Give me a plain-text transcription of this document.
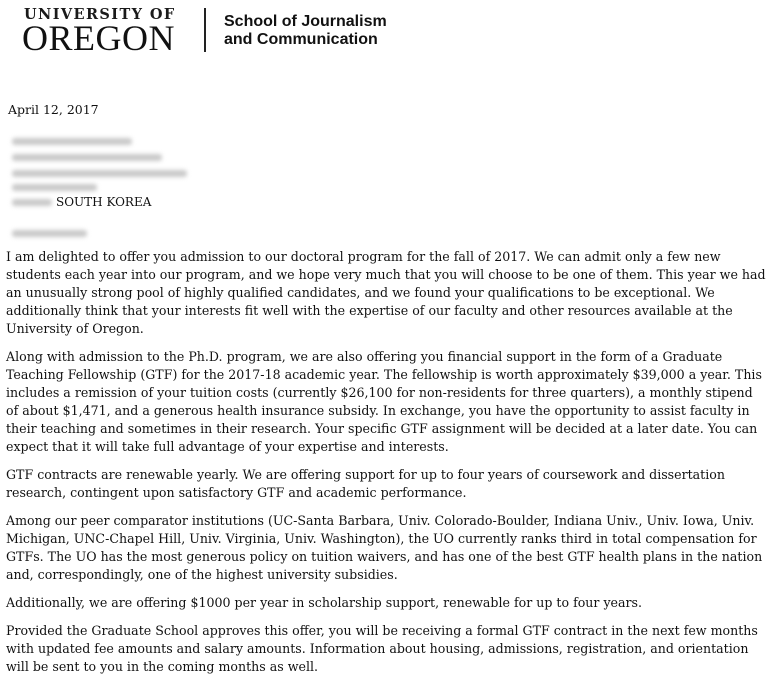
UNIVERSITY OF
OREGON	School of Journalism
and Communication
April 12, 2017
SOUTH KOREA

I am delighted to offer you admission to our doctoral program for the fall of 2017. We can admit only a few new students each year into our program, and we hope very much that you will choose to be one of them. This year we had an unusually strong pool of highly qualified candidates, and we found your qualifications to be exceptional. We additionally think that your interests fit well with the expertise of our faculty and other resources available at the University of Oregon.

Along with admission to the Ph.D. program, we are also offering you financial support in the form of a Graduate Teaching Fellowship (GTF) for the 2017-18 academic year. The fellowship is worth approximately $39,000 a year. This includes a remission of your tuition costs (currently $26,100 for non-residents for three quarters), a monthly stipend of about $1,471, and a generous health insurance subsidy. In exchange, you have the opportunity to assist faculty in their teaching and sometimes in their research. Your specific GTF assignment will be decided at a later date. You can expect that it will take full advantage of your expertise and interests.

GTF contracts are renewable yearly. We are offering support for up to four years of coursework and dissertation research, contingent upon satisfactory GTF and academic performance.

Among our peer comparator institutions (UC-Santa Barbara, Univ. Colorado-Boulder, Indiana Univ., Univ. Iowa, Univ. Michigan, UNC-Chapel Hill, Univ. Virginia, Univ. Washington), the UO currently ranks third in total compensation for GTFs. The UO has the most generous policy on tuition waivers, and has one of the best GTF health plans in the nation and, correspondingly, one of the highest university subsidies.

Additionally, we are offering $1000 per year in scholarship support, renewable for up to four years.

Provided the Graduate School approves this offer, you will be receiving a formal GTF contract in the next few months with updated fee amounts and salary amounts. Information about housing, admissions, registration, and orientation will be sent to you in the coming months as well.
